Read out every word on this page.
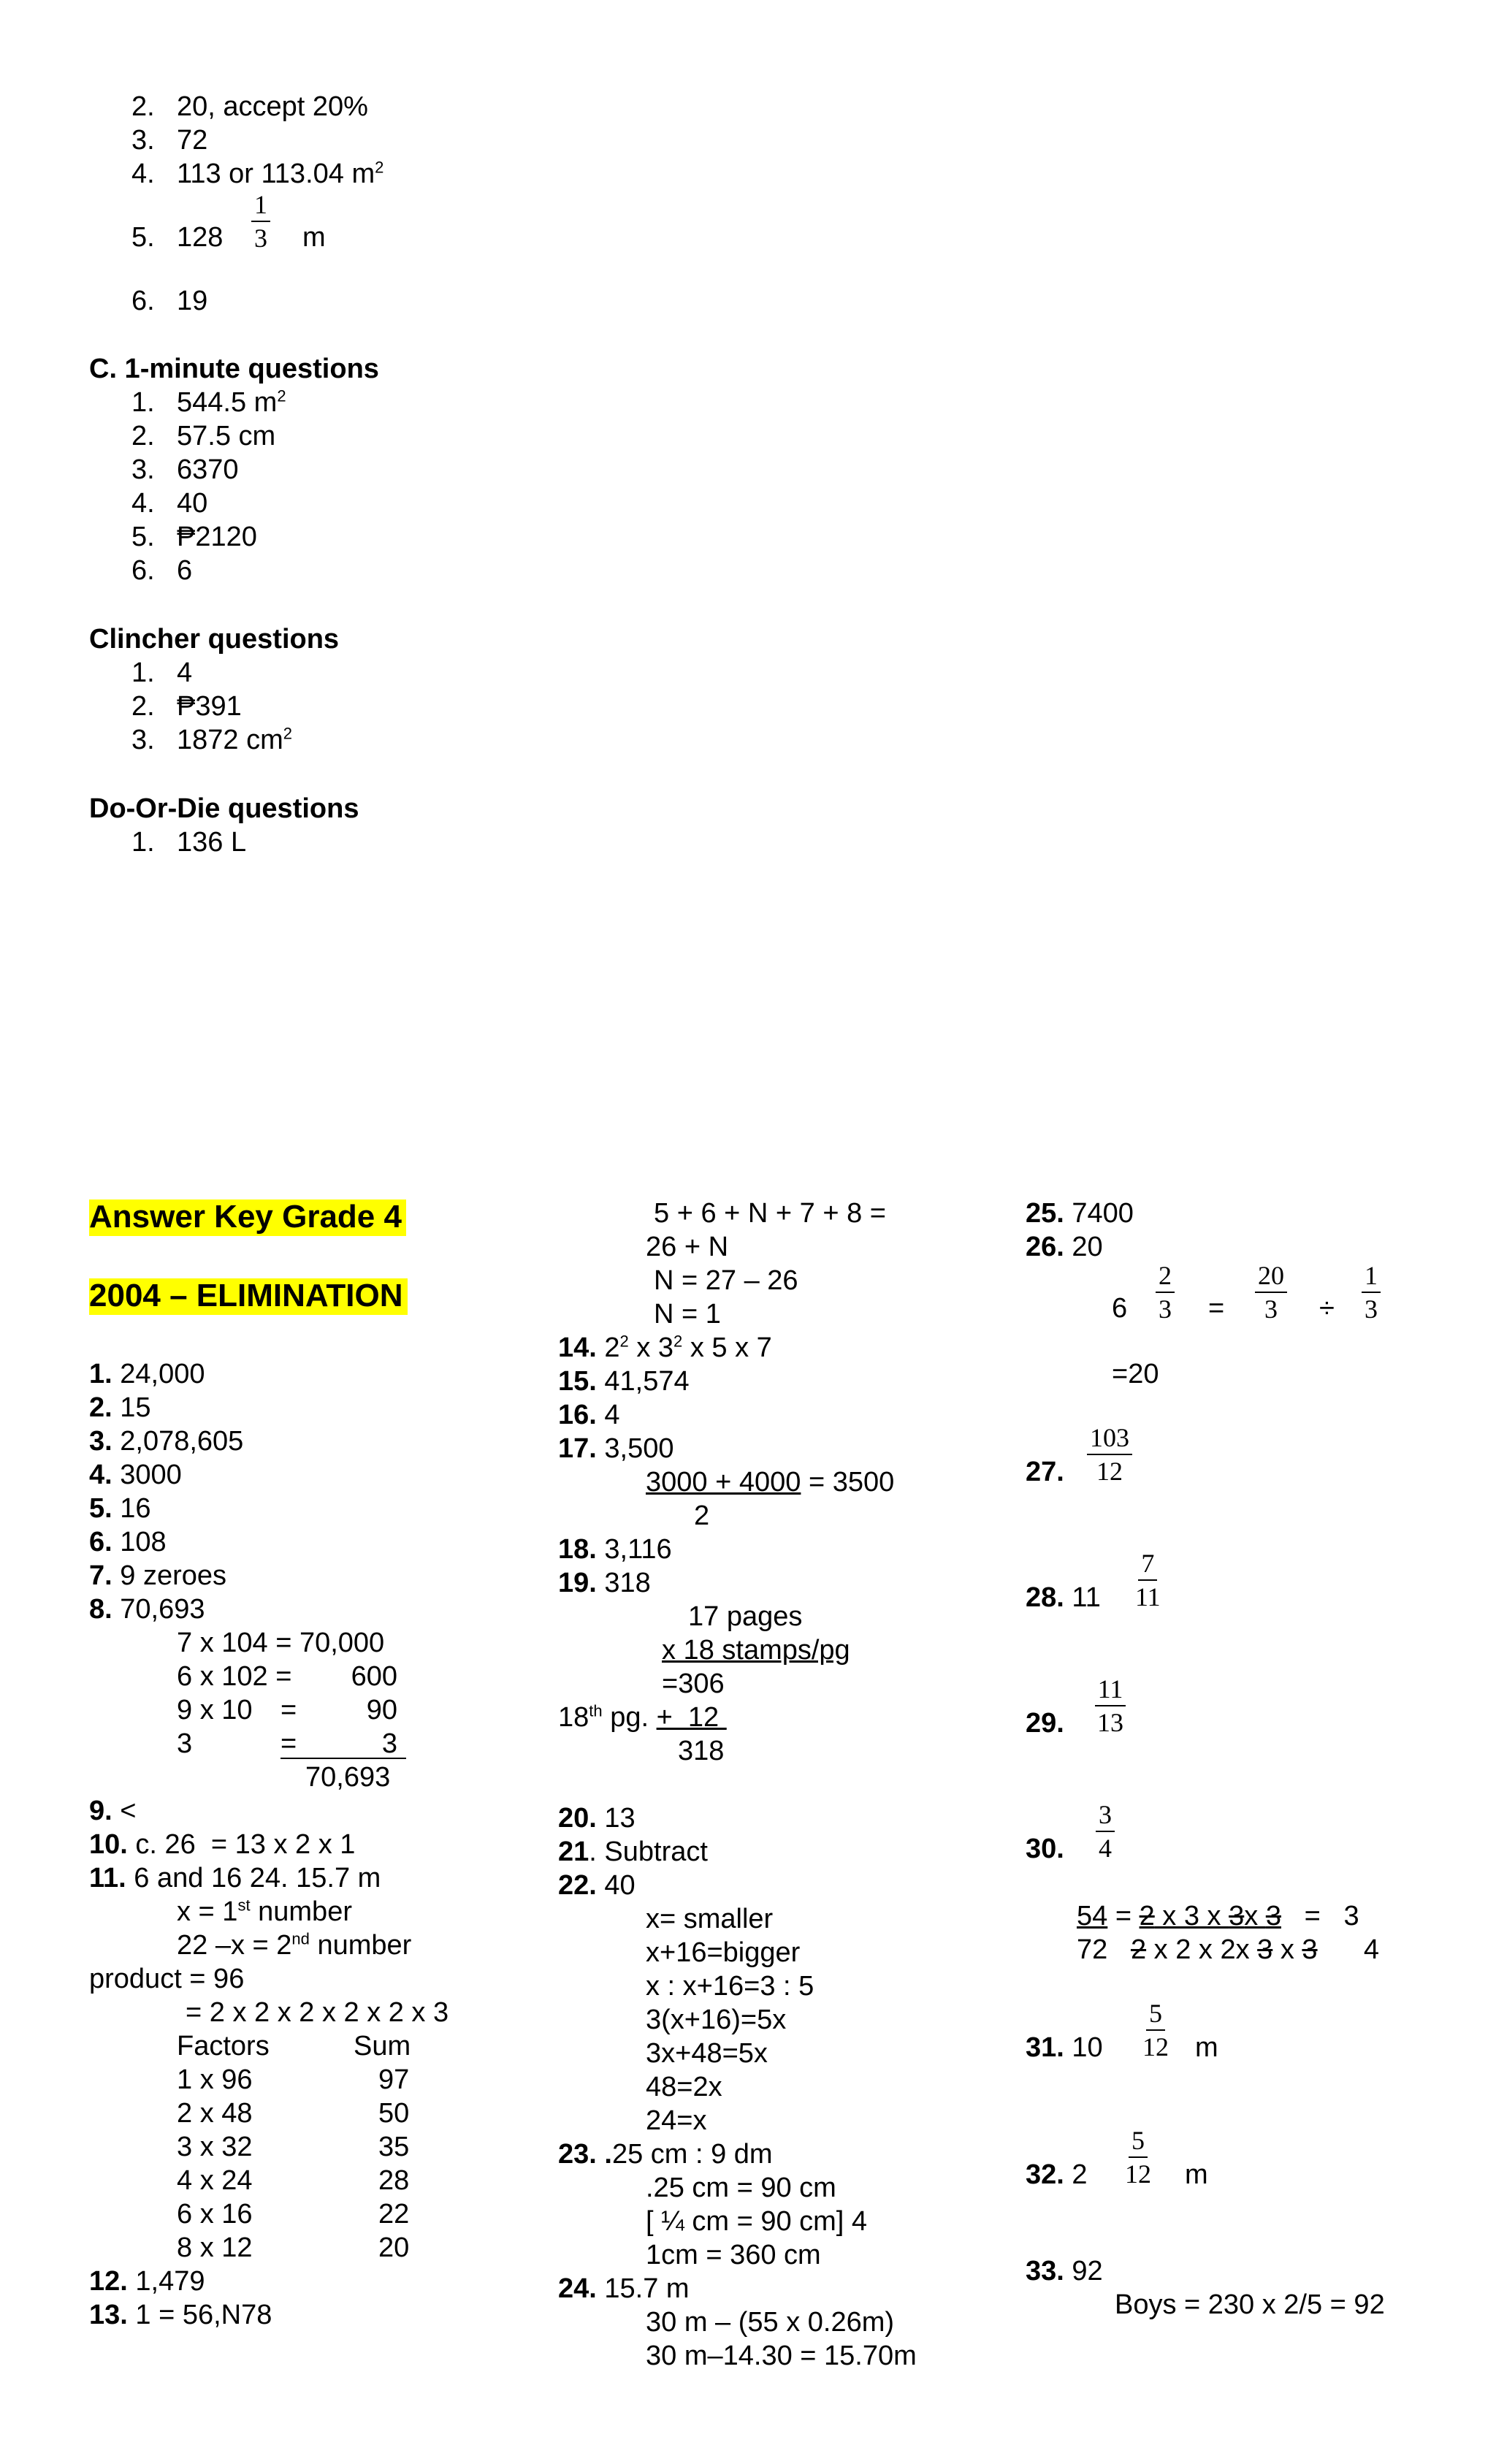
2. 20, accept 20%
3. 72
4. 113 or 113.04 $m^2$
5. $128 \frac{1}{3}$ m
6. 19
C. 1-minute questions
1. 544.5 $m^2$
2. 57.5 cm
3. 6370
4. 40
5. ₱2120
6. 6
Clincher questions
1. 4
2. ₱391
3. 1872 $cm^2$
Do-Or-Die questions
1. 136 L
Answer Key Grade 4
2004 – ELIMINATION
1. 24,000
2. 15
3. 2,078,605
4. 3000
5. 16
6. 108
7. 9 zeroes
8. 70,693
7 x 104 = 70,000
6 x 102 =	600
9 x 10 =	90
3	=	3
70,693
9. <
10. c. 26  = 13 x 2 x 1
11. 6 and 16 24. 15.7 m
x = 1st number
22 –x = 2nd number
product = 96
= 2 x 2 x 2 x 2 x 2 x 3
Factors	Sum
1 x 96	97
2 x 48	50
3 x 32	35
4 x 24	28
6 x 16	22
8 x 12	20
12. 1,479
13. 1 = 56,N78
5 + 6 + N + 7 + 8 =
26 + N
N = 27 – 26
N = 1
14. $2^2$ x $3^2$ x 5 x 7
15. 41,574
16. 4
17. 3,500
3000 + 4000 = 3500
2
18. 3,116
19. 318
17 pages
x 18 stamps/pg
=306
18th pg. +  12
318
20. 13
21. Subtract
22. 40
x= smaller
x+16=bigger
x : x+16=3 : 5
3(x+16)=5x
3x+48=5x
48=2x
24=x
23. .25 cm : 9 dm
.25 cm = 90 cm
[ ¼ cm = 90 cm] 4
1cm = 360 cm
24. 15.7 m
30 m – (55 x 0.26m)
30 m–14.30 = 15.70m
25. 7400
26. 20
$6 \frac{2}{3} = \frac{20}{3} \div \frac{1}{3}$
=20
27. $\frac{103}{12}$
28. $11 \frac{7}{11}$
29. $\frac{11}{13}$
30. $\frac{3}{4}$
54 = 2 x 3 x 3x 3   =   3
72   2 x 2 x 2x 3 x 3      4
31. $10 \frac{5}{12}$ m
32. $2 \frac{5}{12}$ m
33. 92
Boys = 230 x 2/5 = 92
